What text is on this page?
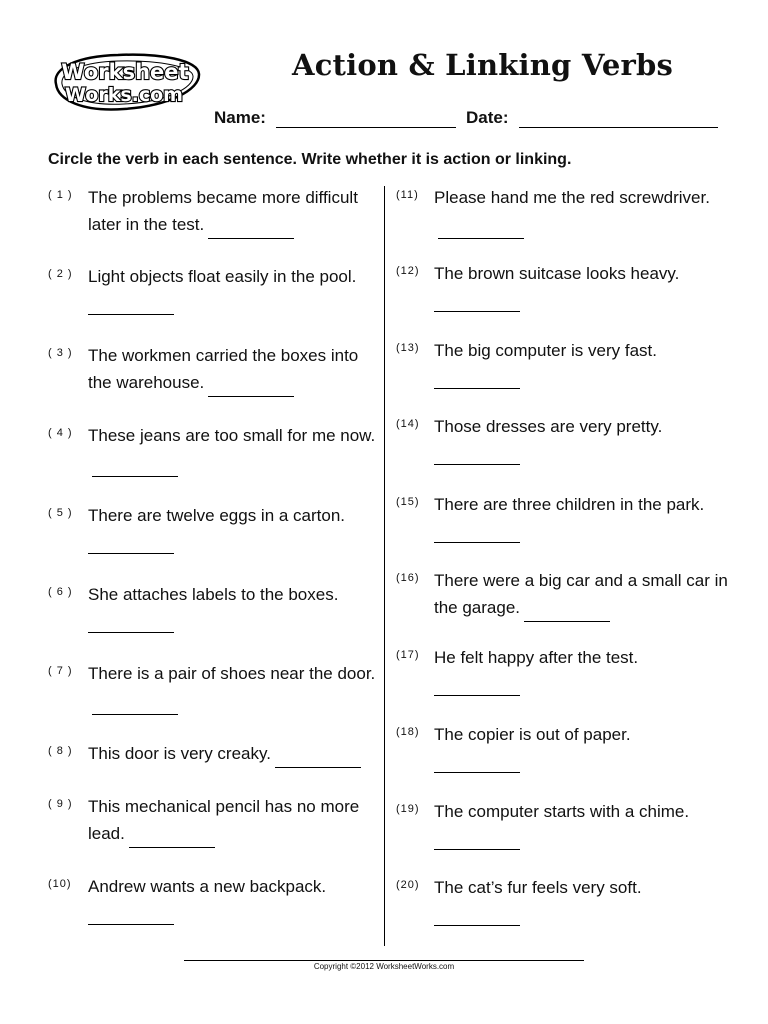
Worksheet
Works.com
Action & Linking Verbs
Name:	Date:

Circle the verb in each sentence. Write whether it is action or linking.

( 1 ) The problems became more difficult later in the test.
( 2 ) Light objects float easily in the pool.
( 3 ) The workmen carried the boxes into the warehouse.
( 4 ) These jeans are too small for me now.
( 5 ) There are twelve eggs in a carton.
( 6 ) She attaches labels to the boxes.
( 7 ) There is a pair of shoes near the door.
( 8 ) This door is very creaky.
( 9 ) This mechanical pencil has no more lead.
(10) Andrew wants a new backpack.
(11) Please hand me the red screwdriver.
(12) The brown suitcase looks heavy.
(13) The big computer is very fast.
(14) Those dresses are very pretty.
(15) There are three children in the park.
(16) There were a big car and a small car in the garage.
(17) He felt happy after the test.
(18) The copier is out of paper.
(19) The computer starts with a chime.
(20) The cat’s fur feels very soft.
Copyright ©2012 WorksheetWorks.com
